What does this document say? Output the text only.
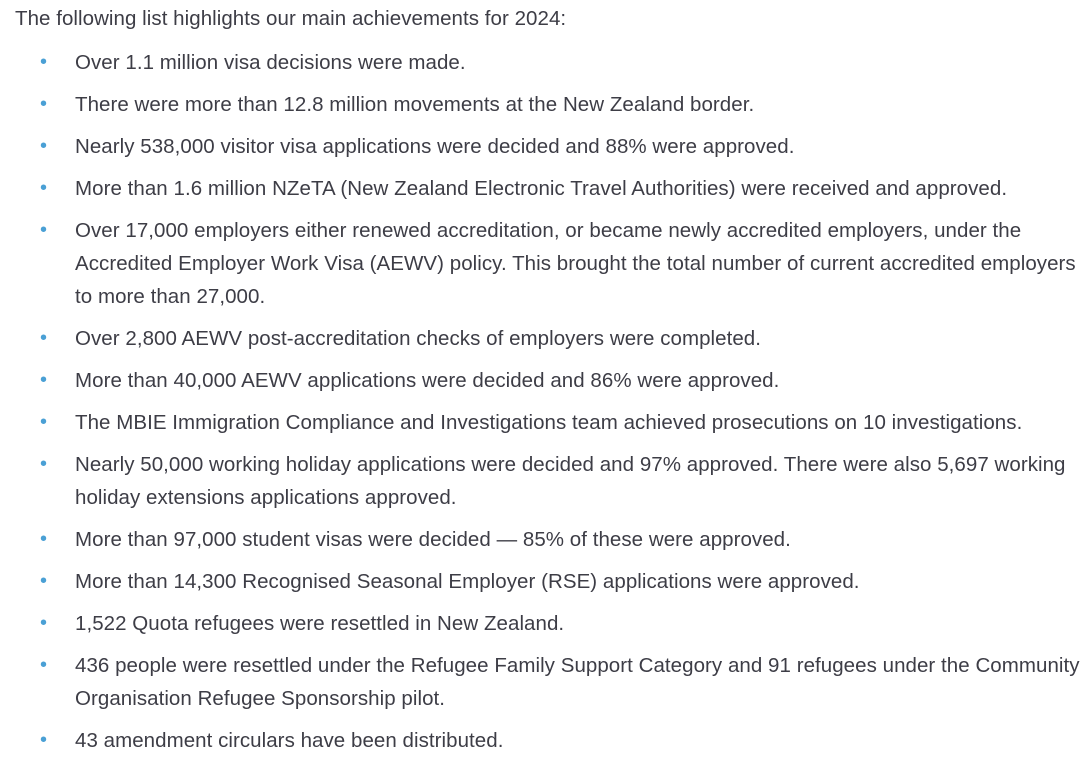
The following list highlights our main achievements for 2024:

• Over 1.1 million visa decisions were made.
• There were more than 12.8 million movements at the New Zealand border.
• Nearly 538,000 visitor visa applications were decided and 88% were approved.
• More than 1.6 million NZeTA (New Zealand Electronic Travel Authorities) were received and approved.
• Over 17,000 employers either renewed accreditation, or became newly accredited employers, under the Accredited Employer Work Visa (AEWV) policy. This brought the total number of current accredited employers to more than 27,000.
• Over 2,800 AEWV post-accreditation checks of employers were completed.
• More than 40,000 AEWV applications were decided and 86% were approved.
• The MBIE Immigration Compliance and Investigations team achieved prosecutions on 10 investigations.
• Nearly 50,000 working holiday applications were decided and 97% approved. There were also 5,697 working holiday extensions applications approved.
• More than 97,000 student visas were decided — 85% of these were approved.
• More than 14,300 Recognised Seasonal Employer (RSE) applications were approved.
• 1,522 Quota refugees were resettled in New Zealand.
• 436 people were resettled under the Refugee Family Support Category and 91 refugees under the Community Organisation Refugee Sponsorship pilot.
• 43 amendment circulars have been distributed.
